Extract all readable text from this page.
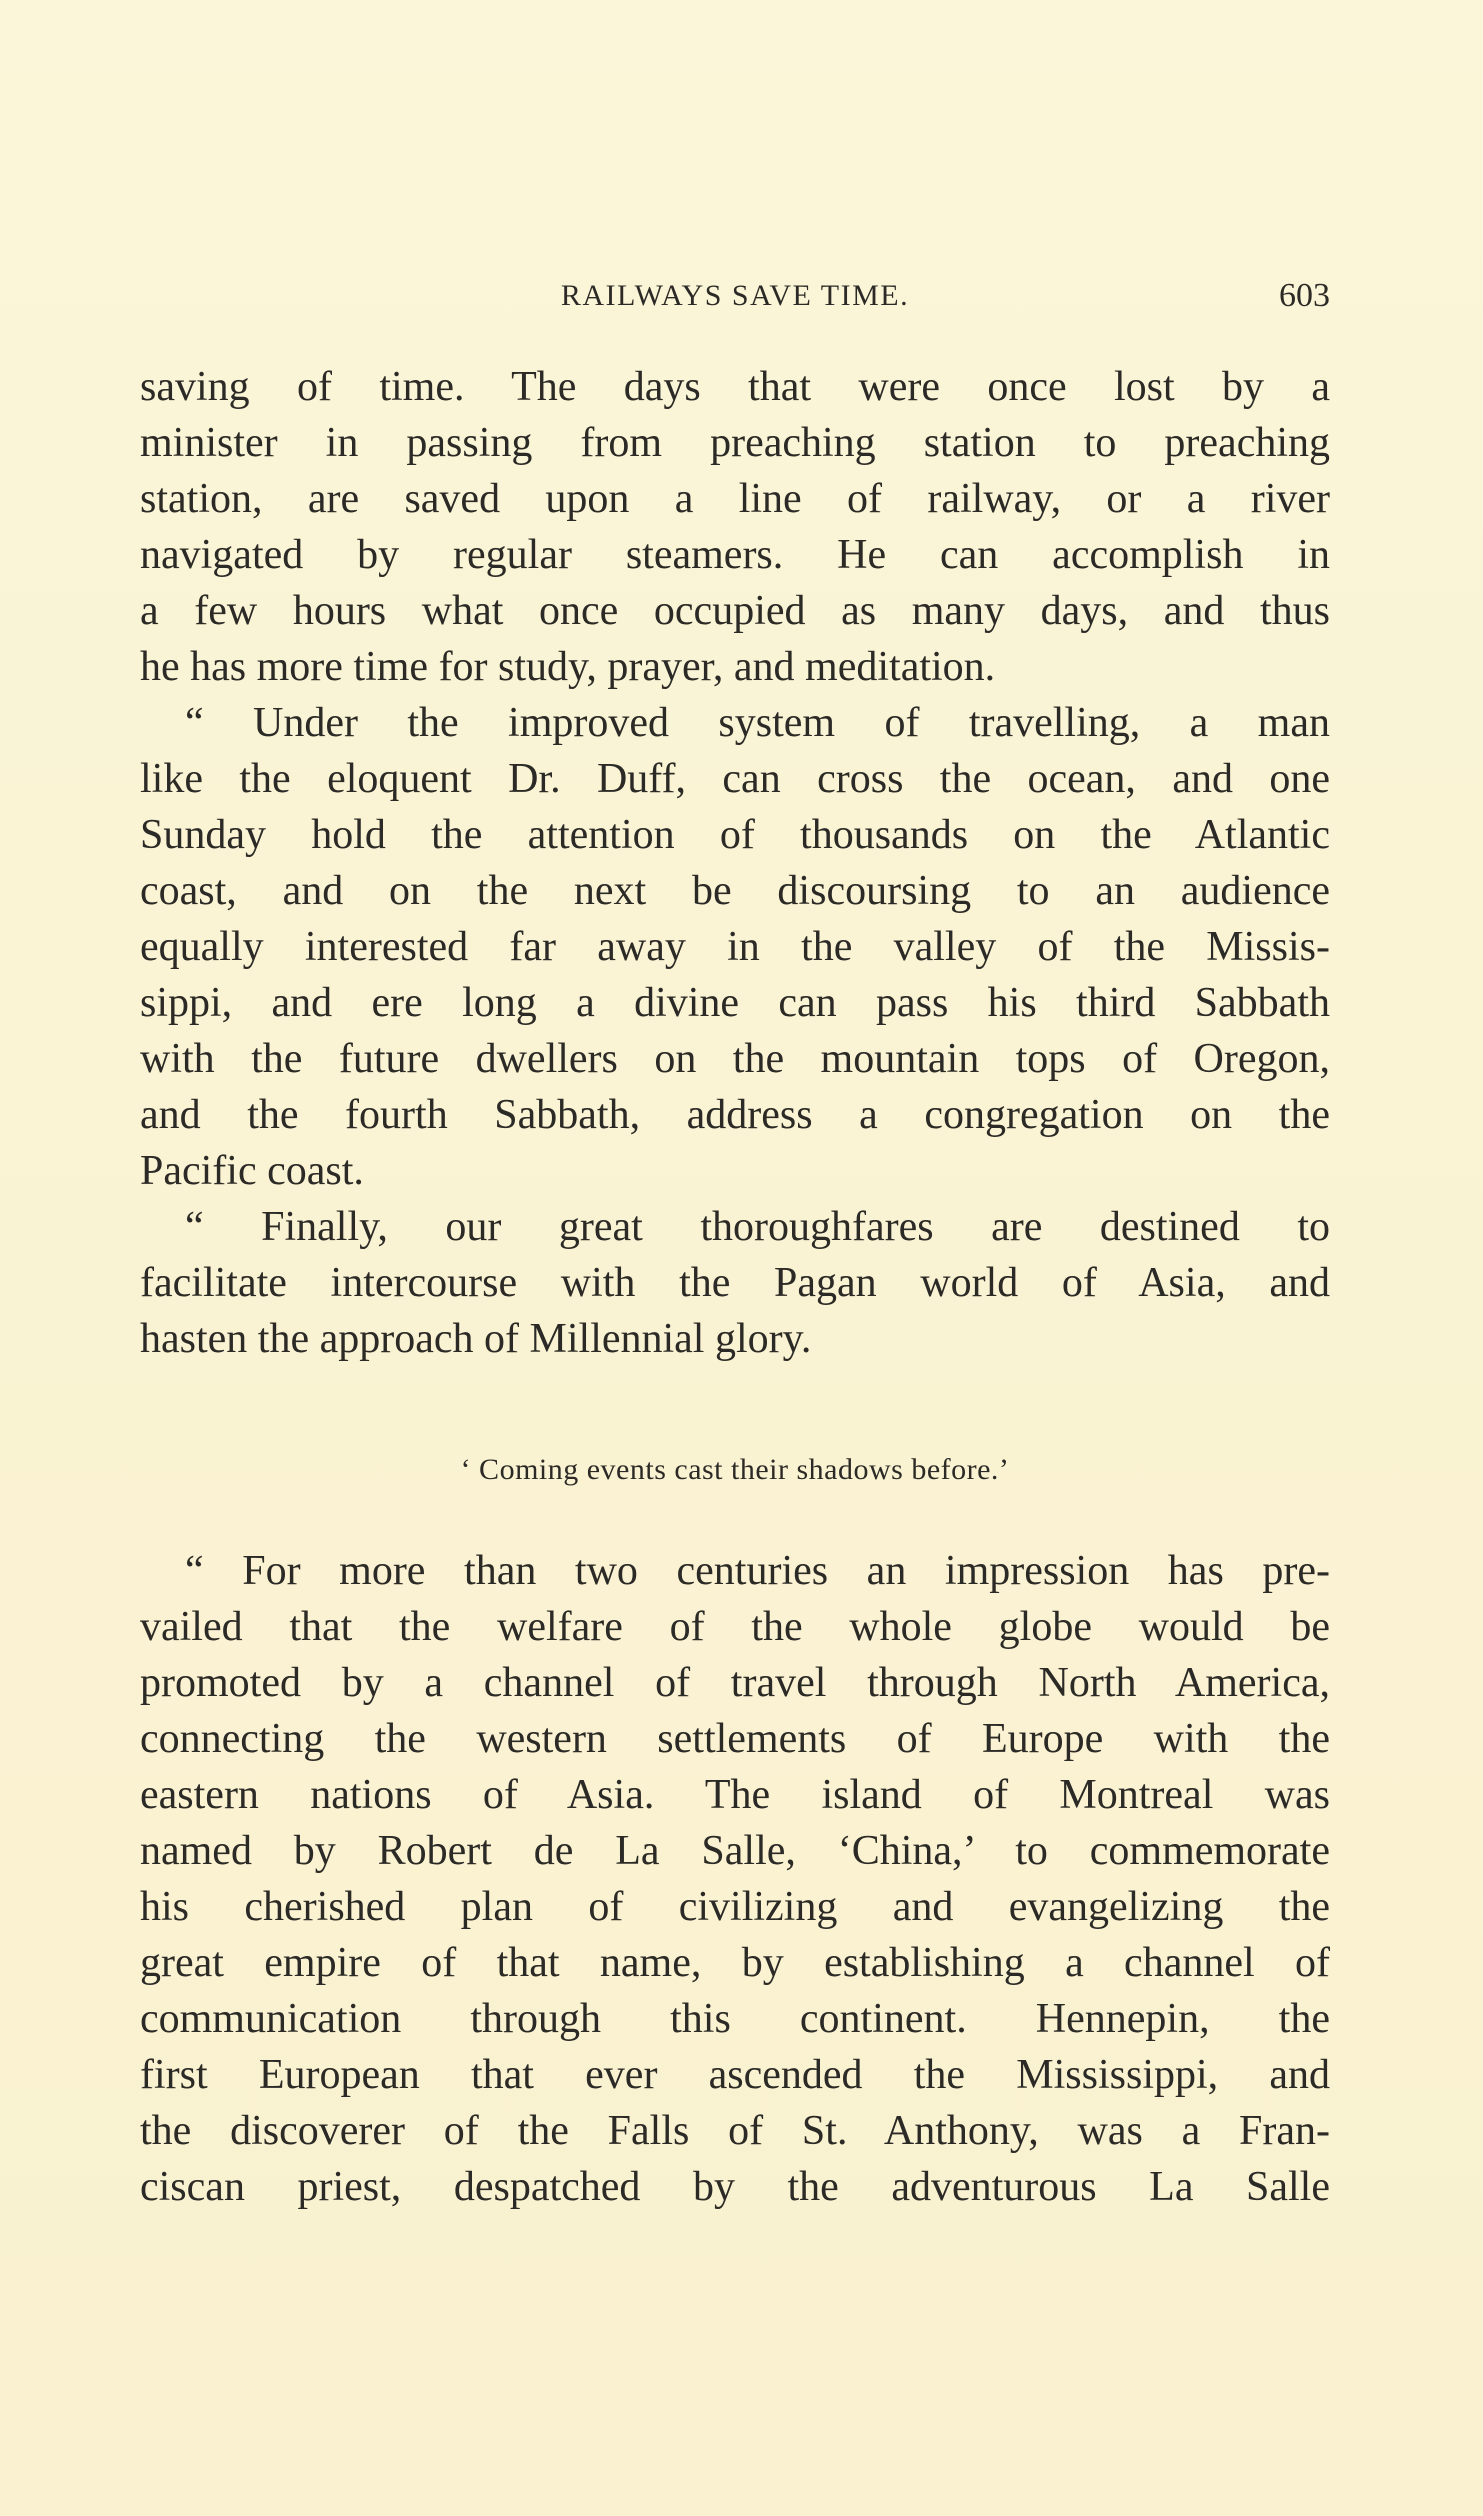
RAILWAYS SAVE TIME.	603
saving of time. The days that were once lost by a
minister in passing from preaching station to preaching
station, are saved upon a line of railway, or a river
navigated by regular steamers. He can accomplish in
a few hours what once occupied as many days, and thus
he has more time for study, prayer, and meditation.
“ Under the improved system of travelling, a man
like the eloquent Dr. Duff, can cross the ocean, and one
Sunday hold the attention of thousands on the Atlantic
coast, and on the next be discoursing to an audience
equally interested far away in the valley of the Missis-
sippi, and ere long a divine can pass his third Sabbath
with the future dwellers on the mountain tops of Oregon,
and the fourth Sabbath, address a congregation on the
Pacific coast.
“ Finally, our great thoroughfares are destined to
facilitate intercourse with the Pagan world of Asia, and
hasten the approach of Millennial glory.
‘ Coming events cast their shadows before.’
“ For more than two centuries an impression has pre-
vailed that the welfare of the whole globe would be
promoted by a channel of travel through North America,
connecting the western settlements of Europe with the
eastern nations of Asia. The island of Montreal was
named by Robert de La Salle, ‘China,’ to commemorate
his cherished plan of civilizing and evangelizing the
great empire of that name, by establishing a channel of
communication through this continent. Hennepin, the
first European that ever ascended the Mississippi, and
the discoverer of the Falls of St. Anthony, was a Fran-
ciscan priest, despatched by the adventurous La Salle
